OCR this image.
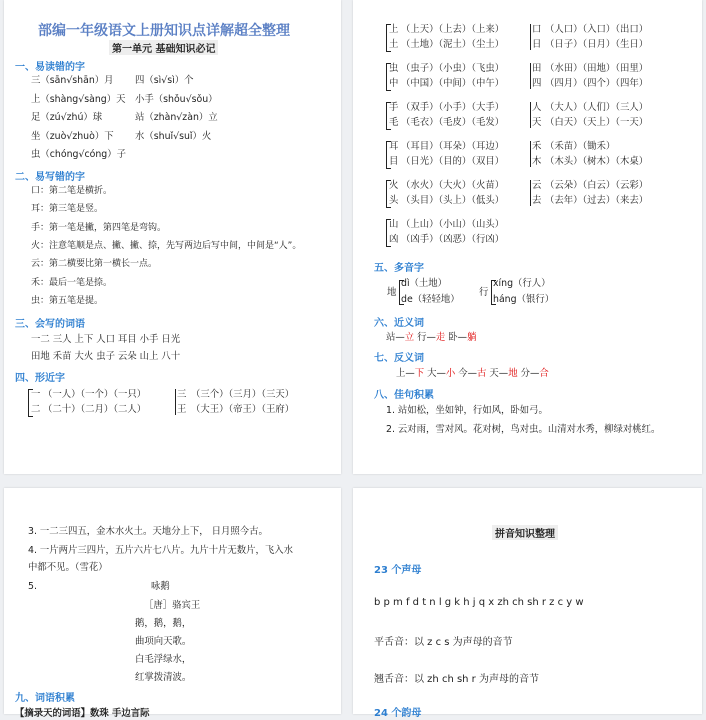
部编一年级语文上册知识点详解超全整理
第一单元 基础知识必记
一、易读错的字
三（sān√shān）月 四（sì√sì）个
上（shàng√sàng）天 小手（shǒu√sǒu）
足（zú√zhú）球	站（zhàn√zàn）立
坐（zuò√zhuò）下 水（shuǐ√suǐ）火
虫（chóng√cóng）子
二、易写错的字
口：第二笔是横折。
耳：第三笔是竖。
手：第一笔是撇，第四笔是弯钩。
火：注意笔顺是点、撇、撇、捺，先写两边后写中间，中间是“人”。
云：第二横要比第一横长一点。
禾：最后一笔是捺。
虫：第五笔是提。
三、会写的词语
一二 三人 上下 人口 耳目 小手 日光
田地 禾苗 大火 虫子 云朵 山上 八十
四、形近字
一
二
（一人）（一个）（一只）
（二十）（二月）（二人）
三
王
（三个）（三月）（三天）
（大王）（帝王）（王府）
上
土
（上天）（上去）（上来）
（土地）（泥土）（尘土）
口
日
（人口）（入口）（出口）
（日子）（日月）（生日）
虫
中
（虫子）（小虫）（飞虫）
（中国）（中间）（中午）
田
四
（水田）（田地）（田里）
（四月）（四个）（四年）
手
毛
（双手）（小手）（大手）
（毛衣）（毛皮）（毛发）
人
天
（大人）（人们）（三人）
（白天）（天上）（一天）
耳
目
（耳目）（耳朵）（耳边）
（日光）（目的）（双目）
禾
木
（禾苗）（锄禾）
（木头）（树木）（木桌）
火
头
（水火）（大火）（火苗）
（头目）（头上）（低头）
云
去
（云朵）（白云）（云彩）
（去年）（过去）（来去）
山
凶
（上山）（小山）（山头）
（凶手）（凶恶）（行凶）
五、多音字
地
dì（土地）
de（轻轻地）
行
xíng（行人）
háng（银行）
六、近义词
站—立 行—走 卧—躺
七、反义词
上—下 大—小 今—古 天—地 分—合
八、佳句积累
1. 站如松，坐如钟，行如风，卧如弓。
2. 云对雨，雪对风。花对树，鸟对虫。山清对水秀，柳绿对桃红。
3. 一二三四五，金木水火土。天地分上下， 日月照今古。
4. 一片两片三四片，五片六片七八片。九片十片无数片，飞入水
中都不见。（雪花）
5.	咏鹅
［唐］骆宾王
鹅，鹅，鹅，
曲项向天歌。
白毛浮绿水，
红掌拨清波。
九、词语积累
【摘录天的词语】数珠 手边言际
拼音知识整理
23 个声母
b p m f d t n l g k h j q x zh ch sh r z c y w
平舌音：以 z c s 为声母的音节
翘舌音：以 zh ch sh r 为声母的音节
24 个韵母
